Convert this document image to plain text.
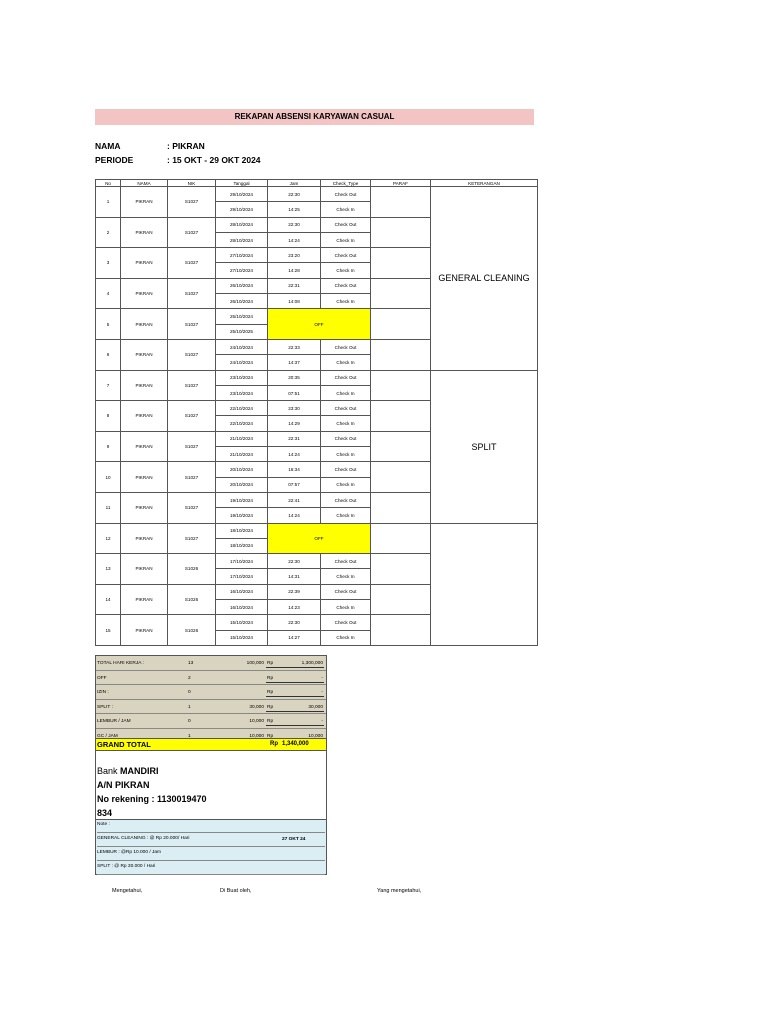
REKAPAN ABSENSI KARYAWAN CASUAL
NAMA	: PIKRAN
PERIODE	: 15 OKT - 29 OKT 2024
No	NAMA	NIK	Tanggal	Jam	Check_Type	PARAF	KETERANGAN
1	PIKRAN	S1027	29/10/2024	22:30	Check Out		GENERAL CLEANING
			29/10/2024	14:25	Check In		
2	PIKRAN	S1027	28/10/2024	22:30	Check Out		
			28/10/2024	14:24	Check In		
3	PIKRAN	S1027	27/10/2024	23:20	Check Out		
			27/10/2024	14:28	Check In		
4	PIKRAN	S1027	26/10/2024	22:31	Check Out		
			26/10/2024	14:08	Check In		
5	PIKRAN	S1027	25/10/2024	OFF			
			25/10/2025				
6	PIKRAN	S1027	24/10/2024	22:33	Check Out		
			24/10/2024	14:37	Check In		
7	PIKRAN	S1027	23/10/2024	20:35	Check Out		SPLIT
			23/10/2024	07:51	Check In		
8	PIKRAN	S1027	22/10/2024	23:30	Check Out		
			22/10/2024	14:29	Check In		
9	PIKRAN	S1027	21/10/2024	22:31	Check Out		
			21/10/2024	14:24	Check In		
10	PIKRAN	S1027	20/10/2024	16:34	Check Out		
			20/10/2024	07:57	Check In		
11	PIKRAN	S1027	19/10/2024	22:41	Check Out		
			19/10/2024	14:24	Check In		
12	PIKRAN	S1027	18/10/2024	OFF			
			18/10/2024				
13	PIKRAN	S1026	17/10/2024	22:30	Check Out		
			17/10/2024	14:31	Check In		
14	PIKRAN	S1026	16/10/2024	22:39	Check Out		
			16/10/2024	14:23	Check In		
15	PIKRAN	S1026	15/10/2024	22:30	Check Out		
			15/10/2024	14:27	Check In		
TOTAL HARI KERJA :	13	100,000 Rp	1,300,000
OFF	2	Rp	-
IZIN :	0	Rp	-
SPLIT :	1	30,000 Rp	30,000
LEMBUR / JAM	0	10,000 Rp	-
GC / JAM	1	10,000 Rp	10,000
GRAND TOTAL	Rp 1,340,000
Bank MANDIRI
A/N PIKRAN
No rekening : 1130019470
834
Note :
GENERAL CLEANING : @ Rp 20.000/ Hari
LEMBUR : @Rp 10.000 / Jam
SPLIT : @ Rp 30.000 / Hari
27 OKT 24
Mengetahui,	Di Buat oleh,	Yang mengetahui,
